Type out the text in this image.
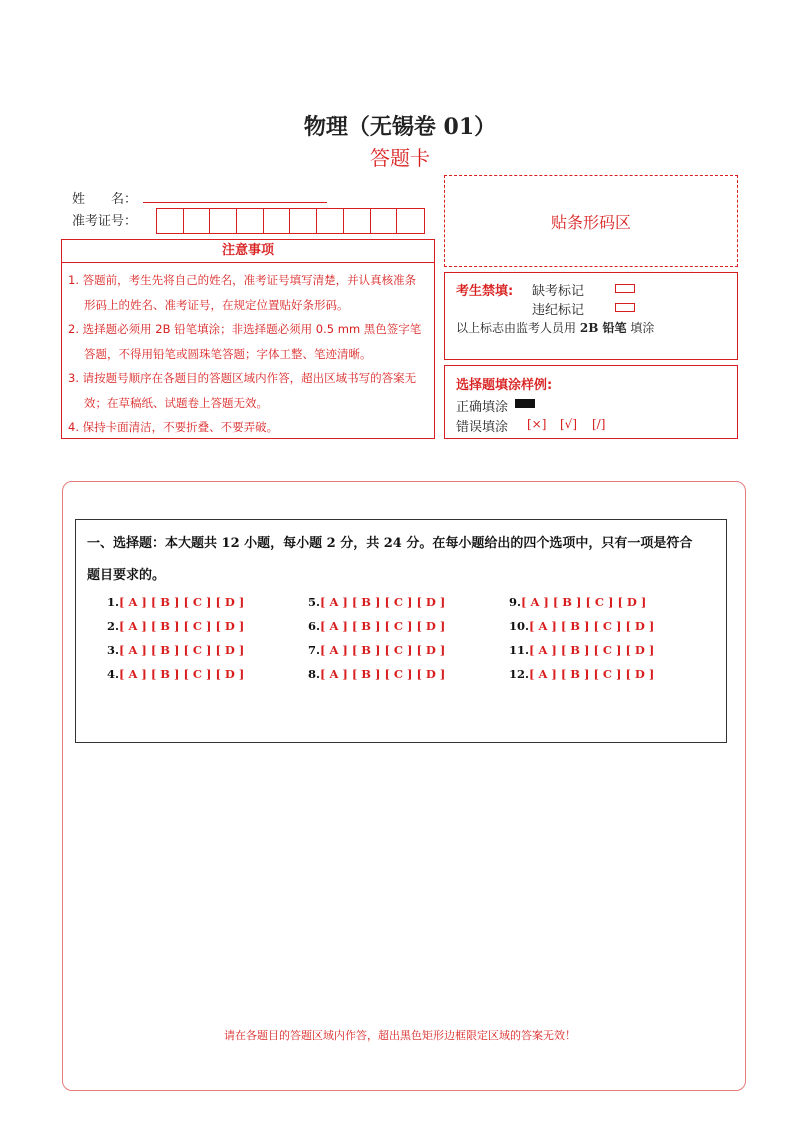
物理（无锡卷 01）
答题卡
姓　　名：
准考证号：
注意事项
1. 答题前，考生先将自己的姓名，准考证号填写清楚，并认真核准条形码上的姓名、准考证号，在规定位置贴好条形码。
2. 选择题必须用 2B 铅笔填涂；非选择题必须用 0.5 mm 黑色签字笔答题，不得用铅笔或圆珠笔答题；字体工整、笔迹清晰。
3. 请按题号顺序在各题目的答题区域内作答，超出区域书写的答案无效；在草稿纸、试题卷上答题无效。
4. 保持卡面清洁，不要折叠、不要弄破。
贴条形码区
考生禁填: 缺考标记
违纪标记
以上标志由监考人员用 2B 铅笔 填涂
选择题填涂样例:
正确填涂
错误填涂 [×] [√] [/]
一、选择题：本大题共 12 小题，每小题 2 分，共 24 分。在每小题给出的四个选项中，只有一项是符合
题目要求的。
1.[ A ] [ B ] [ C ] [ D ]
2.[ A ] [ B ] [ C ] [ D ]
3.[ A ] [ B ] [ C ] [ D ]
4.[ A ] [ B ] [ C ] [ D ]
5.[ A ] [ B ] [ C ] [ D ]
6.[ A ] [ B ] [ C ] [ D ]
7.[ A ] [ B ] [ C ] [ D ]
8.[ A ] [ B ] [ C ] [ D ]
9.[ A ] [ B ] [ C ] [ D ]
10.[ A ] [ B ] [ C ] [ D ]
11.[ A ] [ B ] [ C ] [ D ]
12.[ A ] [ B ] [ C ] [ D ]
请在各题目的答题区域内作答，超出黑色矩形边框限定区域的答案无效！
